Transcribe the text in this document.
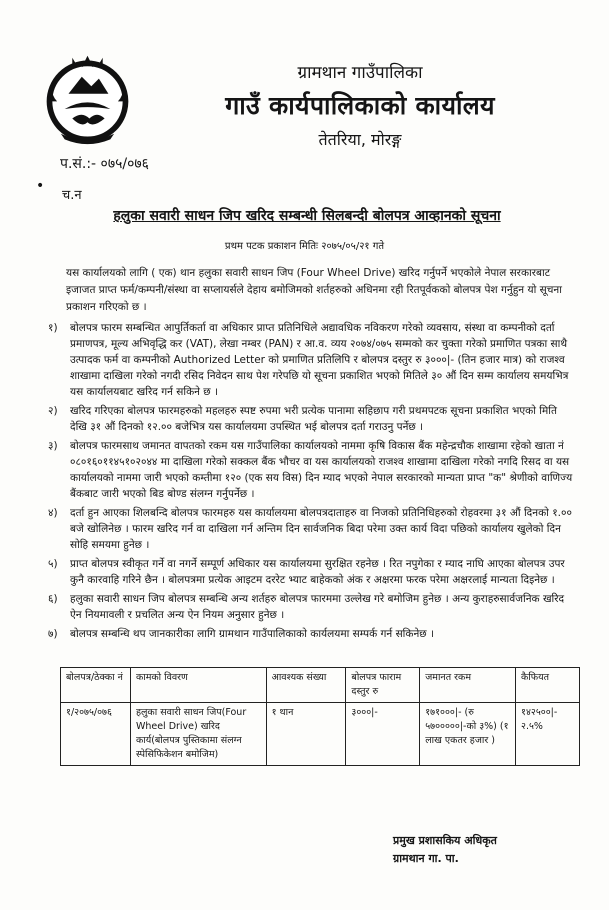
ग्रामथान गाउँपालिका
गाउँ कार्यपालिकाको कार्यालय
तेतरिया, मोरङ्ग
•
प.सं.:- ०७५/०७६
च.न
हलुका सवारी साधन जिप खरिद सम्बन्धी सिलबन्दी बोलपत्र आव्हानको सूचना
प्रथम पटक प्रकाशन मितिः २०७५/०५/२१ गते
यस कार्यालयको लागि ( एक) थान हलुका सवारी साधन जिप (Four Wheel Drive) खरिद गर्नुपर्ने भएकोले नेपाल सरकारबाट इजाजत प्राप्त फर्म/कम्पनी/संस्था वा सप्लायर्सले देहाय बमोजिमको शर्तहरुको अधिनमा रही रितपूर्वकको बोलपत्र पेश गर्नुहुन यो सूचना प्रकाशन गरिएको छ ।
१) बोलपत्र फारम सम्बन्धित आपुर्तिकर्ता वा अधिकार प्राप्त प्रतिनिधिले अद्यावधिक नविकरण गरेको व्यवसाय, संस्था वा कम्पनीको दर्ता प्रमाणपत्र, मूल्य अभिवृद्धि कर (VAT), लेखा नम्बर (PAN) र आ.व. व्यय २०७४/०७५ सम्मको कर चुक्ता गरेको प्रमाणित पत्रका साथै उत्पादक फर्म वा कम्पनीको Authorized Letter को प्रमाणित प्रतिलिपि र बोलपत्र दस्तुर रु ३०००|- (तिन हजार मात्र) को राजश्व शाखामा दाखिला गरेको नगदी रसिद निवेदन साथ पेश गरेपछि यो सूचना प्रकाशित भएको मितिले ३० औं दिन सम्म कार्यालय समयभित्र यस कार्यालयबाट खरिद गर्न सकिने छ ।
२) खरिद गरिएका बोलपत्र फारमहरुको महलहरु स्पष्ट रुपमा भरी प्रत्येक पानामा सहिछाप गरी प्रथमपटक सूचना प्रकाशित भएको मिति देखि ३१ औं दिनको १२.०० बजेभित्र यस कार्यालयमा उपस्थित भई बोलपत्र दर्ता गराउनु पर्नेछ ।
३) बोलपत्र फारमसाथ जमानत वापतको रकम यस गाउँपालिका कार्यालयको नाममा कृषि विकास बैंक महेन्द्रचौक शाखामा रहेको खाता नं ०८०१६०११४५१०२०४४ मा दाखिला गरेको सक्कल बैंक भौचर वा यस कार्यालयको राजश्व शाखामा दाखिला गरेको नगदि रिसद वा यस कार्यालयको नाममा जारी भएको कम्तीमा १२० (एक सय विस) दिन म्याद भएको नेपाल सरकारको मान्यता प्राप्त "क" श्रेणीको वाणिज्य बैंकबाट जारी भएको बिड बोण्ड संलग्न गर्नुपर्नेछ ।
४) दर्ता हुन आएका शिलबन्दि बोलपत्र फारमहरु यस कार्यालयमा बोलपत्रदाताहरु वा निजको प्रतिनिधिहरुको रोहवरमा ३१ औं दिनको १.०० बजे खोलिनेछ । फारम खरिद गर्न वा दाखिला गर्न अन्तिम दिन सार्वजनिक बिदा परेमा उक्त कार्य विदा पछिको कार्यालय खुलेको दिन सोहि समयमा हुनेछ ।
५) प्राप्त बोलपत्र स्वीकृत गर्ने वा नगर्ने सम्पूर्ण अधिकार यस कार्यालयमा सुरक्षित रहनेछ । रित नपुगेका र म्याद नाघि आएका बोलपत्र उपर कुनै कारवाहि गरिने छैन । बोलपत्रमा प्रत्येक आइटम दररेट भ्याट बाहेकको अंक र अक्षरमा फरक परेमा अक्षरलाई मान्यता दिइनेछ ।
६) हलुका सवारी साधन जिप बोलपत्र सम्बन्धि अन्य शर्तहरु बोलपत्र फारममा उल्लेख गरे बमोजिम हुनेछ । अन्य कुराहरुसार्वजनिक खरिद ऐन नियमावली र प्रचलित अन्य ऐन नियम अनुसार हुनेछ ।
७) बोलपत्र सम्बन्धि थप जानकारीका लागि ग्रामथान गाउँपालिकाको कार्यलयमा सम्पर्क गर्न सकिनेछ ।
बोलपत्र/ठेक्का नं	कामको विवरण	आवश्यक संख्या	बोलपत्र फाराम दस्तुर रु	जमानत रकम	कैफियत
१/२०७५/०७६	हलुका सवारी साधन जिप(Four Wheel Drive) खरिद कार्य(बोलपत्र पुस्तिकामा संलग्न स्पेसिफिकेशन बमोजिम)	१ थान	३०००|-	१७१०००|- (रु ५७०००००|-को ३%) (१ लाख एकतर हजार )	१४२५००|- २.५%
प्रमुख प्रशासकिय अधिकृत
ग्रामथान गा. पा.
